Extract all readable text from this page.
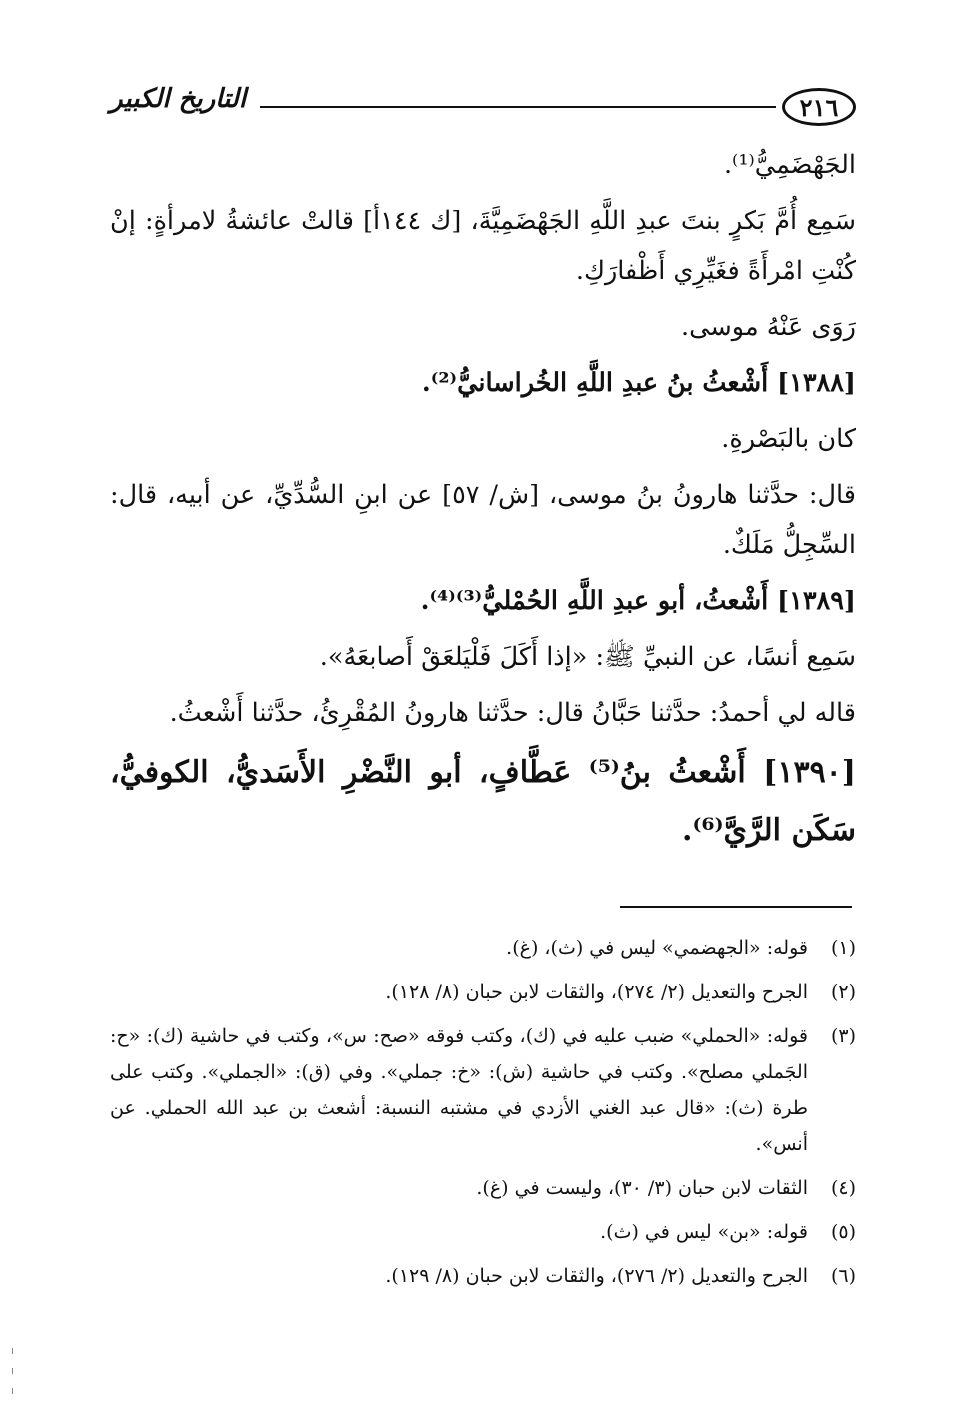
٢١٦
التاريخ الكبير

الجَهْضَمِيُّ⁽¹⁾.

سَمِع أُمَّ بَكرٍ بنتَ عبدِ اللَّهِ الجَهْضَمِيَّةَ، [ك ١٤٤أ] قالتْ عائشةُ لامرأةٍ: إنْ كُنْتِ امْرأَةً فغَيِّرِي أَظْفارَكِ.

رَوَى عَنْهُ موسى.

[١٣٨٨] أَشْعثُ بنُ عبدِ اللَّهِ الخُراسانيُّ⁽²⁾.

كان بالبَصْرةِ.

قال: حدَّثنا هارونُ بنُ موسى، [ش/ ٥٧] عن ابنِ السُّدِّيِّ، عن أبيه، قال: السِّجِلُّ مَلَكٌ.

[١٣٨٩] أَشْعثُ، أبو عبدِ اللَّهِ الحُمْليُّ⁽³⁾⁽⁴⁾.

سَمِع أنسًا، عن النبيِّ ﷺ: «إذا أَكَلَ فَلْيَلعَقْ أَصابعَهُ».

قاله لي أحمدُ: حدَّثنا حَبَّانُ قال: حدَّثنا هارونُ المُقْرِئُ، حدَّثنا أَشْعثُ.

[١٣٩٠] أَشْعثُ بنُ⁽⁵⁾ عَطَّافٍ، أبو النَّضْرِ الأَسَديُّ، الكوفيُّ، سَكَن الرَّيَّ⁽⁶⁾.

(١)
قوله: «الجهضمي» ليس في (ث)، (غ).
(٢)
الجرح والتعديل (٢/ ٢٧٤)، والثقات لابن حبان (٨/ ١٢٨).
(٣)
قوله: «الحملي» ضبب عليه في (ك)، وكتب فوقه «صح: س»، وكتب في حاشية (ك): «ح: الجَملي مصلح». وكتب في حاشية (ش): «خ: جملي». وفي (ق): «الجملي». وكتب على طرة (ث): «قال عبد الغني الأزدي في مشتبه النسبة: أشعث بن عبد الله الحملي. عن أنس».
(٤)
الثقات لابن حبان (٣/ ٣٠)، وليست في (غ).
(٥)
قوله: «بن» ليس في (ث).
(٦)
الجرح والتعديل (٢/ ٢٧٦)، والثقات لابن حبان (٨/ ١٢٩).
